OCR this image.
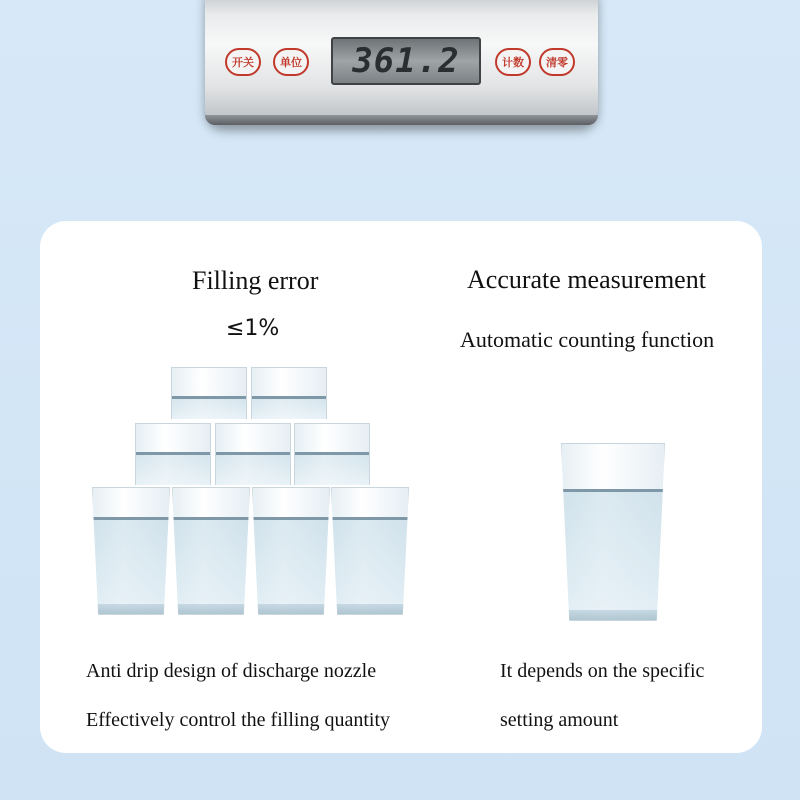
开关	单位	361.2	计数	清零
Filling error
≤1%
Accurate measurement
Automatic counting function
Anti drip design of discharge nozzle
Effectively control the filling quantity
It depends on the specific
setting amount
